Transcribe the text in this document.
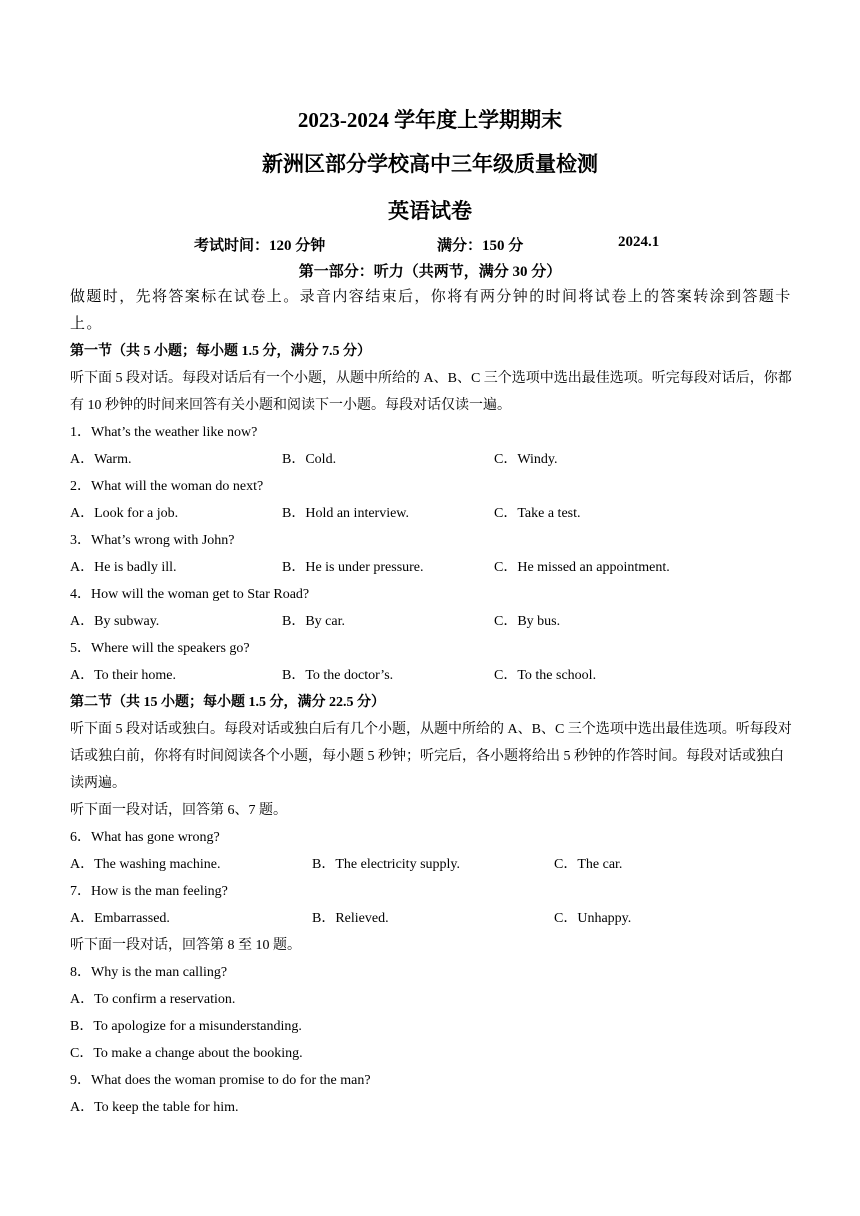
2023-2024 学年度上学期期末
新洲区部分学校高中三年级质量检测
英语试卷
考试时间：120 分钟	满分：150 分	2024.1
第一部分：听力（共两节，满分 30 分）
做题时，先将答案标在试卷上。录音内容结束后，你将有两分钟的时间将试卷上的答案转涂到答题卡上。
第一节（共 5 小题；每小题 1.5 分，满分 7.5 分）
听下面 5 段对话。每段对话后有一个小题，从题中所给的 A、B、C 三个选项中选出最佳选项。听完每段对话后，你都有 10 秒钟的时间来回答有关小题和阅读下一小题。每段对话仅读一遍。
1．What’s the weather like now?
A．Warm.	B．Cold.	C．Windy.
2．What will the woman do next?
A．Look for a job.	B．Hold an interview.	C．Take a test.
3．What’s wrong with John?
A．He is badly ill.	B．He is under pressure.	C．He missed an appointment.
4．How will the woman get to Star Road?
A．By subway.	B．By car.	C．By bus.
5．Where will the speakers go?
A．To their home.	B．To the doctor’s.	C．To the school.
第二节（共 15 小题；每小题 1.5 分，满分 22.5 分）
听下面 5 段对话或独白。每段对话或独白后有几个小题，从题中所给的 A、B、C 三个选项中选出最佳选项。听每段对话或独白前，你将有时间阅读各个小题，每小题 5 秒钟；听完后，各小题将给出 5 秒钟的作答时间。每段对话或独白读两遍。
听下面一段对话，回答第 6、7 题。
6．What has gone wrong?
A．The washing machine.	B．The electricity supply.	C．The car.
7．How is the man feeling?
A．Embarrassed.	B．Relieved.	C．Unhappy.
听下面一段对话，回答第 8 至 10 题。
8．Why is the man calling?
A．To confirm a reservation.
B．To apologize for a misunderstanding.
C．To make a change about the booking.
9．What does the woman promise to do for the man?
A．To keep the table for him.
